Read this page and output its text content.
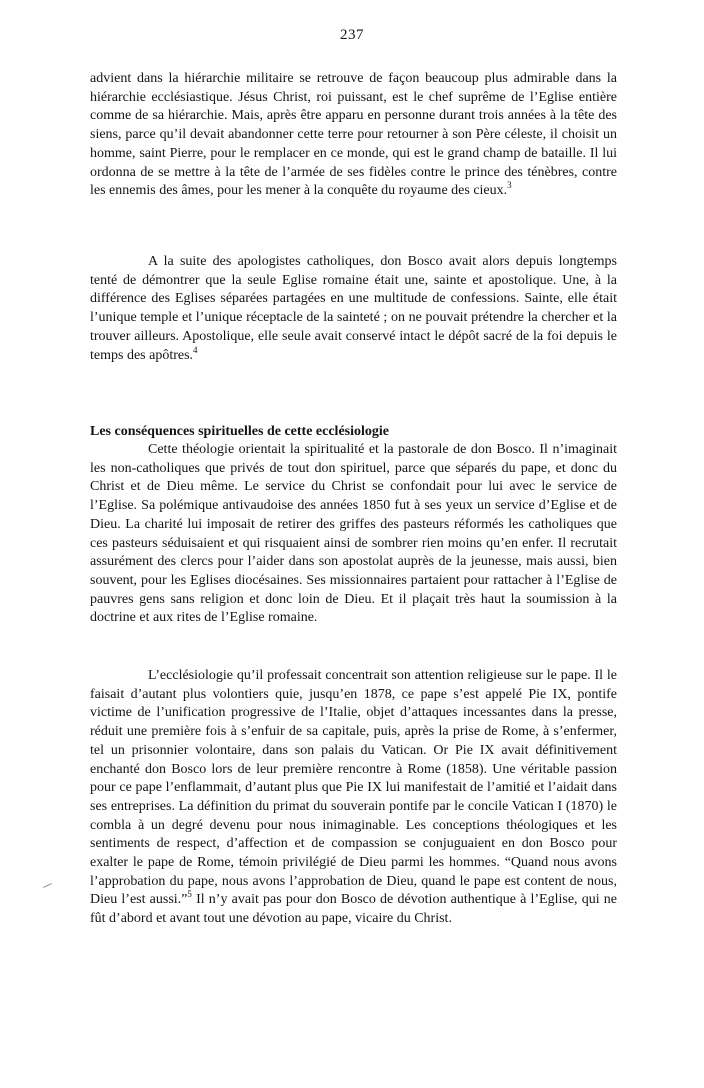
237

advient dans la hiérarchie militaire se retrouve de façon beaucoup plus admirable dans la hiérarchie ecclésiastique. Jésus Christ, roi puissant, est le chef suprême de l’Eglise entière comme de sa hiérarchie. Mais, après être apparu en personne durant trois années à la tête des siens, parce qu’il devait abandonner cette terre pour retourner à son Père céleste, il choisit un homme, saint Pierre, pour le remplacer en ce monde, qui est le grand champ de bataille. Il lui ordonna de se mettre à la tête de l’armée de ses fidèles contre le prince des ténèbres, contre les ennemis des âmes, pour les mener à la conquête du royaume des cieux.$^3$

A la suite des apologistes catholiques, don Bosco avait alors depuis longtemps tenté de démontrer que la seule Eglise romaine était une, sainte et apostolique. Une, à la différence des Eglises séparées partagées en une multitude de confessions. Sainte, elle était l’unique temple et l’unique réceptacle de la sainteté ; on ne pouvait prétendre la chercher et la trouver ailleurs. Apostolique, elle seule avait conservé intact le dépôt sacré de la foi depuis le temps des apôtres.$^4$

Les conséquences spirituelles de cette ecclésiologie

Cette théologie orientait la spiritualité et la pastorale de don Bosco. Il n’imaginait les non-catholiques que privés de tout don spirituel, parce que séparés du pape, et donc du Christ et de Dieu même. Le service du Christ se confondait pour lui avec le service de l’Eglise. Sa polémique antivaudoise des années 1850 fut à ses yeux un service d’Eglise et de Dieu. La charité lui imposait de retirer des griffes des pasteurs réformés les catholiques que ces pasteurs séduisaient et qui risquaient ainsi de sombrer rien moins qu’en enfer. Il recrutait assurément des clercs pour l’aider dans son apostolat auprès de la jeunesse, mais aussi, bien souvent, pour les Eglises diocésaines. Ses missionnaires partaient pour rattacher à l’Eglise de pauvres gens sans religion et donc loin de Dieu. Et il plaçait très haut la soumission à la doctrine et aux rites de l’Eglise romaine.

L’ecclésiologie qu’il professait concentrait son attention religieuse sur le pape. Il le faisait d’autant plus volontiers quie, jusqu’en 1878, ce pape s’est appelé Pie IX, pontife victime de l’unification progressive de l’Italie, objet d’attaques incessantes dans la presse, réduit une première fois à s’enfuir de sa capitale, puis, après la prise de Rome, à s’enfermer, tel un prisonnier volontaire, dans son palais du Vatican. Or Pie IX avait définitivement enchanté don Bosco lors de leur première rencontre à Rome (1858). Une véritable passion pour ce pape l’enflammait, d’autant plus que Pie IX lui manifestait de l’amitié et l’aidait dans ses entreprises. La définition du primat du souverain pontife par le concile Vatican I (1870) le combla à un degré devenu pour nous inimaginable. Les conceptions théologiques et les sentiments de respect, d’affection et de compassion se conjuguaient en don Bosco pour exalter le pape de Rome, témoin privilégié de Dieu parmi les hommes. “Quand nous avons l’approbation du pape, nous avons l’approbation de Dieu, quand le pape est content de nous, Dieu l’est aussi.”$^5$ Il n’y avait pas pour don Bosco de dévotion authentique à l’Eglise, qui ne fût d’abord et avant tout une dévotion au pape, vicaire du Christ.
